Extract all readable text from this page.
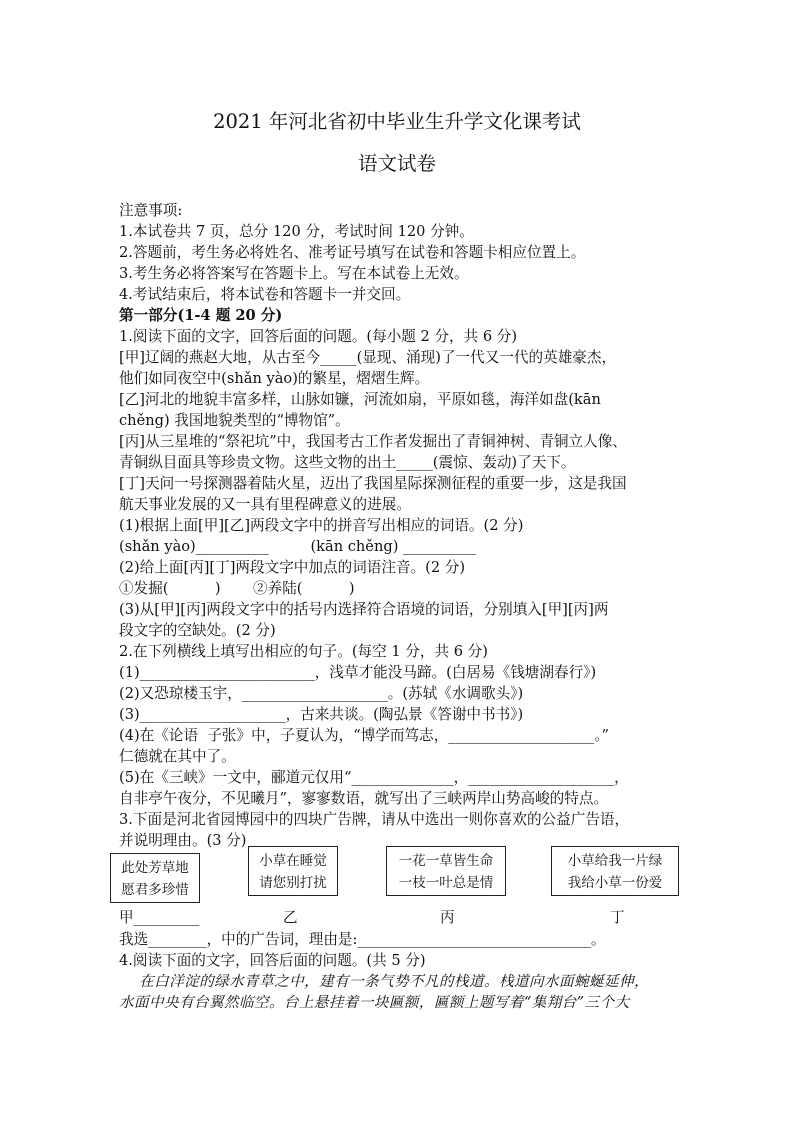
2021 年河北省初中毕业生升学文化课考试
语文试卷
注意事项:
1.本试卷共 7 页，总分 120 分，考试时间 120 分钟。
2.答题前，考生务必将姓名、准考证号填写在试卷和答题卡相应位置上。
3.考生务必将答案写在答题卡上。写在本试卷上无效。
4.考试结束后，将本试卷和答题卡一并交回。
第一部分(1-4 题 20 分)
1.阅读下面的文字，回答后面的问题。(每小题 2 分，共 6 分)
[甲]辽阔的燕赵大地，从古至今_____(显现、涌现)了一代又一代的英雄豪杰，
他们如同夜空中(shǎn yào)的繁星，熠熠生辉。
[乙]河北的地貌丰富多样，山脉如镰，河流如扇，平原如毯，海洋如盘(kān
chěng) 我国地貌类型的“博物馆”。
[丙]从三星堆的“祭祀坑”中，我国考古工作者发掘出了青铜神树、青铜立人像、
青铜纵目面具等珍贵文物。这些文物的出土_____(震惊、轰动)了天下。
[丁]天问一号探测器着陆火星，迈出了我国星际探测征程的重要一步，这是我国
航天事业发展的又一具有里程碑意义的进展。
(1)根据上面[甲][乙]两段文字中的拼音写出相应的词语。(2 分)
(shǎn yào)__________         (kān chěng) __________
(2)给上面[丙][丁]两段文字中加点的词语注音。(2 分)
①发掘(          )       ②养陆(          )
(3)从[甲][丙]两段文字中的括号内选择符合语境的词语，分别填入[甲][丙]两
段文字的空缺处。(2 分)
2.在下列横线上填写出相应的句子。(每空 1 分，共 6 分)
(1)________________________，浅草才能没马蹄。(白居易《钱塘湖春行》)
(2)又恐琼楼玉宇，____________________。(苏轼《水调歌头》)
(3)____________________，古来共谈。(陶弘景《答谢中书书》)
(4)在《论语  子张》中，子夏认为，“博学而笃志，____________________。”
仁德就在其中了。
(5)在《三峡》一文中，郦道元仅用“______________，____________________，
自非亭午夜分，不见曦月”，寥寥数语，就写出了三峡两岸山势高峻的特点。
3.下面是河北省园博园中的四块广告牌，请从中选出一则你喜欢的公益广告语，
并说明理由。(3 分)
此处芳草地
愿君多珍惜
小草在睡觉
请您别打扰
一花一草皆生命
一枝一叶总是情
小草给我一片绿
我给小草一份爱
甲_________	乙	丙	丁
我选________，中的广告词，理由是:________________________________。
4.阅读下面的文字，回答后面的问题。(共 5 分)
在白洋淀的绿水青草之中，建有一条气势不凡的栈道。栈道向水面蜿蜒延伸，
水面中央有台翼然临空。台上悬挂着一块匾额，匾额上题写着“集翔台”三个大
